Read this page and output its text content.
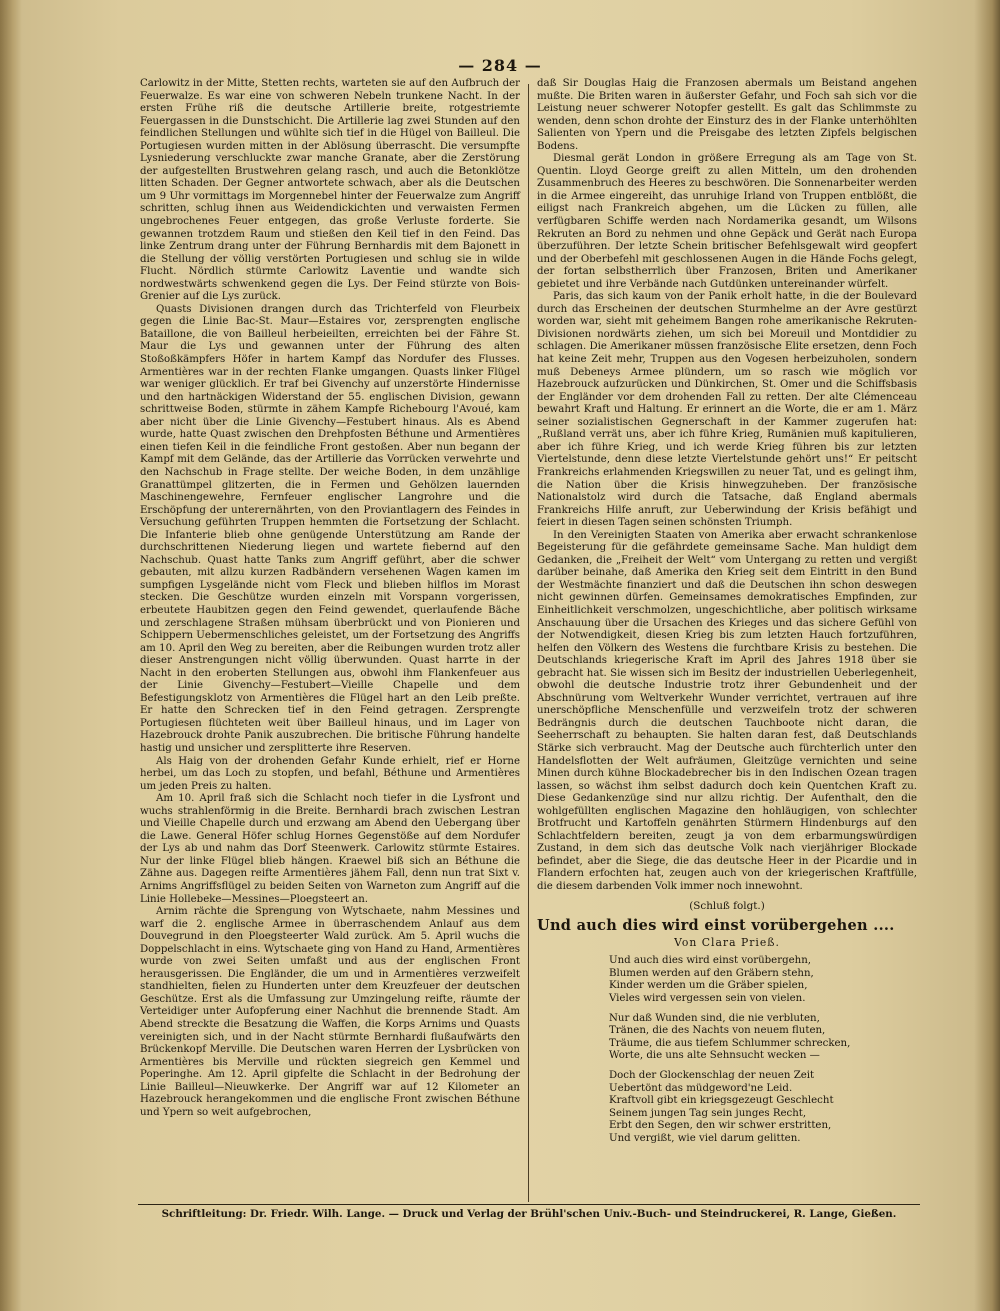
— 284 —

Carlowitz in der Mitte, Stetten rechts, warteten sie auf den Aufbruch der Feuerwalze. Es war eine von schweren Nebeln trunkene Nacht. In der ersten Frühe riß die deutsche Artillerie breite, rotgestriemte Feuergassen in die Dunstschicht. Die Artillerie lag zwei Stunden auf den feindlichen Stellungen und wühlte sich tief in die Hügel von Bailleul. Die Portugiesen wurden mitten in der Ablösung überrascht. Die versumpfte Lysniederung verschluckte zwar manche Granate, aber die Zerstörung der aufgestellten Brustwehren gelang rasch, und auch die Betonklötze litten Schaden. Der Gegner antwortete schwach, aber als die Deutschen um 9 Uhr vormittags im Morgennebel hinter der Feuerwalze zum Angriff schritten, schlug ihnen aus Weidendickichten und verwaisten Fermen ungebrochenes Feuer entgegen, das große Verluste forderte. Sie gewannen trotzdem Raum und stießen den Keil tief in den Feind. Das linke Zentrum drang unter der Führung Bernhardis mit dem Bajonett in die Stellung der völlig verstörten Portugiesen und schlug sie in wilde Flucht. Nördlich stürmte Carlowitz Laventie und wandte sich nordwestwärts schwenkend gegen die Lys. Der Feind stürzte von Bois-Grenier auf die Lys zurück.

Quasts Divisionen drangen durch das Trichterfeld von Fleurbeix gegen die Linie Bac-St. Maur—Estaires vor, zersprengten englische Bataillone, die von Bailleul herbeieilten, erreichten bei der Fähre St. Maur die Lys und gewannen unter der Führung des alten Stoßoßkämpfers Höfer in hartem Kampf das Nordufer des Flusses. Armentières war in der rechten Flanke umgangen. Quasts linker Flügel war weniger glücklich. Er traf bei Givenchy auf unzerstörte Hindernisse und den hartnäckigen Widerstand der 55. englischen Division, gewann schrittweise Boden, stürmte in zähem Kampfe Richebourg l'Avoué, kam aber nicht über die Linie Givenchy—Festubert hinaus. Als es Abend wurde, hatte Quast zwischen den Drehpfosten Béthune und Armentières einen tiefen Keil in die feindliche Front gestoßen. Aber nun begann der Kampf mit dem Gelände, das der Artillerie das Vorrücken verwehrte und den Nachschub in Frage stellte. Der weiche Boden, in dem unzählige Granattümpel glitzerten, die in Fermen und Gehölzen lauernden Maschinengewehre, Fernfeuer englischer Langrohre und die Erschöpfung der unterernährten, von den Proviantlagern des Feindes in Versuchung geführten Truppen hemmten die Fortsetzung der Schlacht. Die Infanterie blieb ohne genügende Unterstützung am Rande der durchschrittenen Niederung liegen und wartete fiebernd auf den Nachschub. Quast hatte Tanks zum Angriff geführt, aber die schwer gebauten, mit allzu kurzen Radbändern versehenen Wagen kamen im sumpfigen Lysgelände nicht vom Fleck und blieben hilflos im Morast stecken. Die Geschütze wurden einzeln mit Vorspann vorgerissen, erbeutete Haubitzen gegen den Feind gewendet, querlaufende Bäche und zerschlagene Straßen mühsam überbrückt und von Pionieren und Schippern Uebermenschliches geleistet, um der Fortsetzung des Angriffs am 10. April den Weg zu bereiten, aber die Reibungen wurden trotz aller dieser Anstrengungen nicht völlig überwunden. Quast harrte in der Nacht in den eroberten Stellungen aus, obwohl ihm Flankenfeuer aus der Linie Givenchy—Festubert—Vieille Chapelle und dem Befestigungsklotz von Armentières die Flügel hart an den Leib preßte. Er hatte den Schrecken tief in den Feind getragen. Zersprengte Portugiesen flüchteten weit über Bailleul hinaus, und im Lager von Hazebrouck drohte Panik auszubrechen. Die britische Führung handelte hastig und unsicher und zersplitterte ihre Reserven.

Als Haig von der drohenden Gefahr Kunde erhielt, rief er Horne herbei, um das Loch zu stopfen, und befahl, Béthune und Armentières um jeden Preis zu halten.

Am 10. April fraß sich die Schlacht noch tiefer in die Lysfront und wuchs strahlenförmig in die Breite. Bernhardi brach zwischen Lestran und Vieille Chapelle durch und erzwang am Abend den Uebergang über die Lawe. General Höfer schlug Hornes Gegenstöße auf dem Nordufer der Lys ab und nahm das Dorf Steenwerk. Carlowitz stürmte Estaires. Nur der linke Flügel blieb hängen. Kraewel biß sich an Béthune die Zähne aus. Dagegen reifte Armentières jähem Fall, denn nun trat Sixt v. Arnims Angriffsflügel zu beiden Seiten von Warneton zum Angriff auf die Linie Hollebeke—Messines—Ploegsteert an.

Arnim rächte die Sprengung von Wytschaete, nahm Messines und warf die 2. englische Armee in überraschendem Anlauf aus dem Douvegrund in den Ploegsteerter Wald zurück. Am 5. April wuchs die Doppelschlacht in eins. Wytschaete ging von Hand zu Hand, Armentières wurde von zwei Seiten umfaßt und aus der englischen Front herausgerissen. Die Engländer, die um und in Armentières verzweifelt standhielten, fielen zu Hunderten unter dem Kreuzfeuer der deutschen Geschütze. Erst als die Umfassung zur Umzingelung reifte, räumte der Verteidiger unter Aufopferung einer Nachhut die brennende Stadt. Am Abend streckte die Besatzung die Waffen, die Korps Arnims und Quasts vereinigten sich, und in der Nacht stürmte Bernhardi flußaufwärts den Brückenkopf Merville. Die Deutschen waren Herren der Lysbrücken von Armentières bis Merville und rückten siegreich gen Kemmel und Poperinghe. Am 12. April gipfelte die Schlacht in der Bedrohung der Linie Bailleul—Nieuwkerke. Der Angriff war auf 12 Kilometer an Hazebrouck herangekommen und die englische Front zwischen Béthune und Ypern so weit aufgebrochen,

daß Sir Douglas Haig die Franzosen abermals um Beistand angehen mußte. Die Briten waren in äußerster Gefahr, und Foch sah sich vor die Leistung neuer schwerer Notopfer gestellt. Es galt das Schlimmste zu wenden, denn schon drohte der Einsturz des in der Flanke unterhöhlten Salienten von Ypern und die Preisgabe des letzten Zipfels belgischen Bodens.

Diesmal gerät London in größere Erregung als am Tage von St. Quentin. Lloyd George greift zu allen Mitteln, um den drohenden Zusammenbruch des Heeres zu beschwören. Die Sonnenarbeiter werden in die Armee eingereiht, das unruhige Irland von Truppen entblößt, die eiligst nach Frankreich abgehen, um die Lücken zu füllen, alle verfügbaren Schiffe werden nach Nordamerika gesandt, um Wilsons Rekruten an Bord zu nehmen und ohne Gepäck und Gerät nach Europa überzuführen. Der letzte Schein britischer Befehlsgewalt wird geopfert und der Oberbefehl mit geschlossenen Augen in die Hände Fochs gelegt, der fortan selbstherrlich über Franzosen, Briten und Amerikaner gebietet und ihre Verbände nach Gutdünken untereinander würfelt.

Paris, das sich kaum von der Panik erholt hatte, in die der Boulevard durch das Erscheinen der deutschen Sturmhelme an der Avre gestürzt worden war, sieht mit geheimem Bangen rohe amerikanische Rekruten-Divisionen nordwärts ziehen, um sich bei Moreuil und Montdidier zu schlagen. Die Amerikaner müssen französische Elite ersetzen, denn Foch hat keine Zeit mehr, Truppen aus den Vogesen herbeizuholen, sondern muß Debeneys Armee plündern, um so rasch wie möglich vor Hazebrouck aufzurücken und Dünkirchen, St. Omer und die Schiffsbasis der Engländer vor dem drohenden Fall zu retten. Der alte Clémenceau bewahrt Kraft und Haltung. Er erinnert an die Worte, die er am 1. März seiner sozialistischen Gegnerschaft in der Kammer zugerufen hat: „Rußland verrät uns, aber ich führe Krieg, Rumänien muß kapitulieren, aber ich führe Krieg, und ich werde Krieg führen bis zur letzten Viertelstunde, denn diese letzte Viertelstunde gehört uns!“ Er peitscht Frankreichs erlahmenden Kriegswillen zu neuer Tat, und es gelingt ihm, die Nation über die Krisis hinwegzuheben. Der französische Nationalstolz wird durch die Tatsache, daß England abermals Frankreichs Hilfe anruft, zur Ueberwindung der Krisis befähigt und feiert in diesen Tagen seinen schönsten Triumph.

In den Vereinigten Staaten von Amerika aber erwacht schrankenlose Begeisterung für die gefährdete gemeinsame Sache. Man huldigt dem Gedanken, die „Freiheit der Welt“ vom Untergang zu retten und vergißt darüber beinahe, daß Amerika den Krieg seit dem Eintritt in den Bund der Westmächte finanziert und daß die Deutschen ihn schon deswegen nicht gewinnen dürfen. Gemeinsames demokratisches Empfinden, zur Einheitlichkeit verschmolzen, ungeschichtliche, aber politisch wirksame Anschauung über die Ursachen des Krieges und das sichere Gefühl von der Notwendigkeit, diesen Krieg bis zum letzten Hauch fortzuführen, helfen den Völkern des Westens die furchtbare Krisis zu bestehen. Die Deutschlands kriegerische Kraft im April des Jahres 1918 über sie gebracht hat. Sie wissen sich im Besitz der industriellen Ueberlegenheit, obwohl die deutsche Industrie trotz ihrer Gebundenheit und der Abschnürung vom Weltverkehr Wunder verrichtet, vertrauen auf ihre unerschöpfliche Menschenfülle und verzweifeln trotz der schweren Bedrängnis durch die deutschen Tauchboote nicht daran, die Seeherrschaft zu behaupten. Sie halten daran fest, daß Deutschlands Stärke sich verbraucht. Mag der Deutsche auch fürchterlich unter den Handelsflotten der Welt aufräumen, Gleitzüge vernichten und seine Minen durch kühne Blockadebrecher bis in den Indischen Ozean tragen lassen, so wächst ihm selbst dadurch doch kein Quentchen Kraft zu. Diese Gedankenzüge sind nur allzu richtig. Der Aufenthalt, den die wohlgefüllten englischen Magazine den hohläugigen, von schlechter Brotfrucht und Kartoffeln genährten Stürmern Hindenburgs auf den Schlachtfeldern bereiten, zeugt ja von dem erbarmungswürdigen Zustand, in dem sich das deutsche Volk nach vierjähriger Blockade befindet, aber die Siege, die das deutsche Heer in der Picardie und in Flandern erfochten hat, zeugen auch von der kriegerischen Kraftfülle, die diesem darbenden Volk immer noch innewohnt.

(Schluß folgt.)
Und auch dies wird einst vorübergehen ....
Von Clara Prieß.
Und auch dies wird einst vorübergehn,
Blumen werden auf den Gräbern stehn,
Kinder werden um die Gräber spielen,
Vieles wird vergessen sein von vielen.
Nur daß Wunden sind, die nie verbluten,
Tränen, die des Nachts von neuem fluten,
Träume, die aus tiefem Schlummer schrecken,
Worte, die uns alte Sehnsucht wecken —
Doch der Glockenschlag der neuen Zeit
Uebertönt das müdgeword'ne Leid.
Kraftvoll gibt ein kriegsgezeugt Geschlecht
Seinem jungen Tag sein junges Recht,
Erbt den Segen, den wir schwer erstritten,
Und vergißt, wie viel darum gelitten.
Schriftleitung: Dr. Friedr. Wilh. Lange. — Druck und Verlag der Brühl'schen Univ.-Buch- und Steindruckerei, R. Lange, Gießen.
